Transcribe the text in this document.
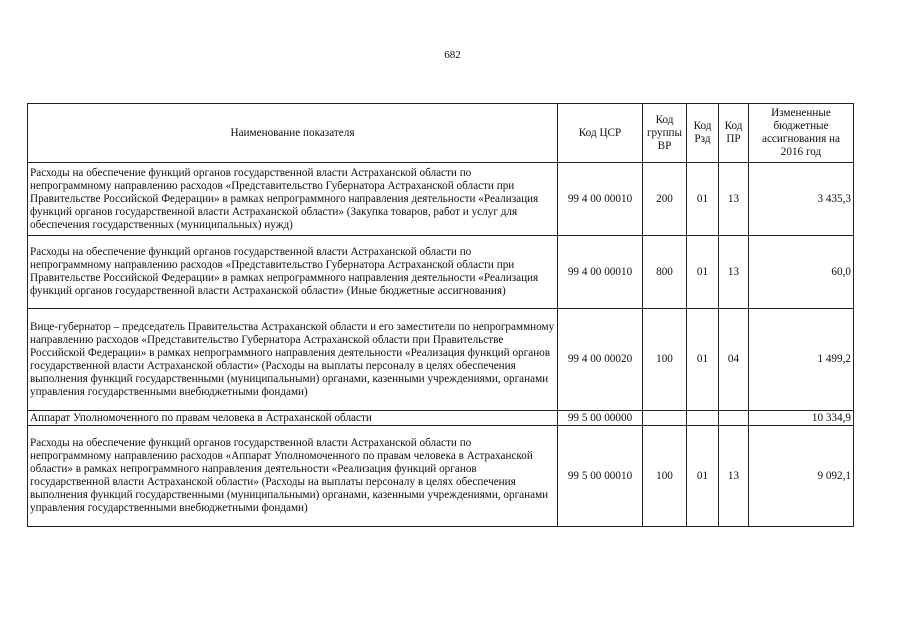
682
Наименование показателя	Код ЦСР	Код группы ВР	Код Рзд	Код ПР	Измененные бюджетные ассигнования на 2016 год
Расходы на обеспечение функций органов государственной власти Астраханской области по непрограммному направлению расходов «Представительство Губернатора Астраханской области при Правительстве Российской Федерации» в рамках непрограммного направления деятельности «Реализация функций органов государственной власти Астраханской области» (Закупка товаров, работ и услуг для обеспечения государственных (муниципальных) нужд)	99 4 00 00010	200	01	13	3 435,3
Расходы на обеспечение функций органов государственной власти Астраханской области по непрограммному направлению расходов «Представительство Губернатора Астраханской области при Правительстве Российской Федерации» в рамках непрограммного направления деятельности «Реализация функций органов государственной власти Астраханской области» (Иные бюджетные ассигнования)	99 4 00 00010	800	01	13	60,0
Вице-губернатор – председатель Правительства Астраханской области и его заместители по непрограммному направлению расходов «Представительство Губернатора Астраханской области при Правительстве Российской Федерации» в рамках непрограммного направления деятельности «Реализация функций органов государственной власти Астраханской области» (Расходы на выплаты персоналу в целях обеспечения выполнения функций государственными (муниципальными) органами, казенными учреждениями, органами управления государственными внебюджетными фондами)	99 4 00 00020	100	01	04	1 499,2
Аппарат Уполномоченного по правам человека в Астраханской области	99 5 00 00000				10 334,9
Расходы на обеспечение функций органов государственной власти Астраханской области по непрограммному направлению расходов «Аппарат Уполномоченного по правам человека в Астраханской области» в рамках непрограммного направления деятельности «Реализация функций органов государственной власти Астраханской области» (Расходы на выплаты персоналу в целях обеспечения выполнения функций государственными (муниципальными) органами, казенными учреждениями, органами управления государственными внебюджетными фондами)	99 5 00 00010	100	01	13	9 092,1
